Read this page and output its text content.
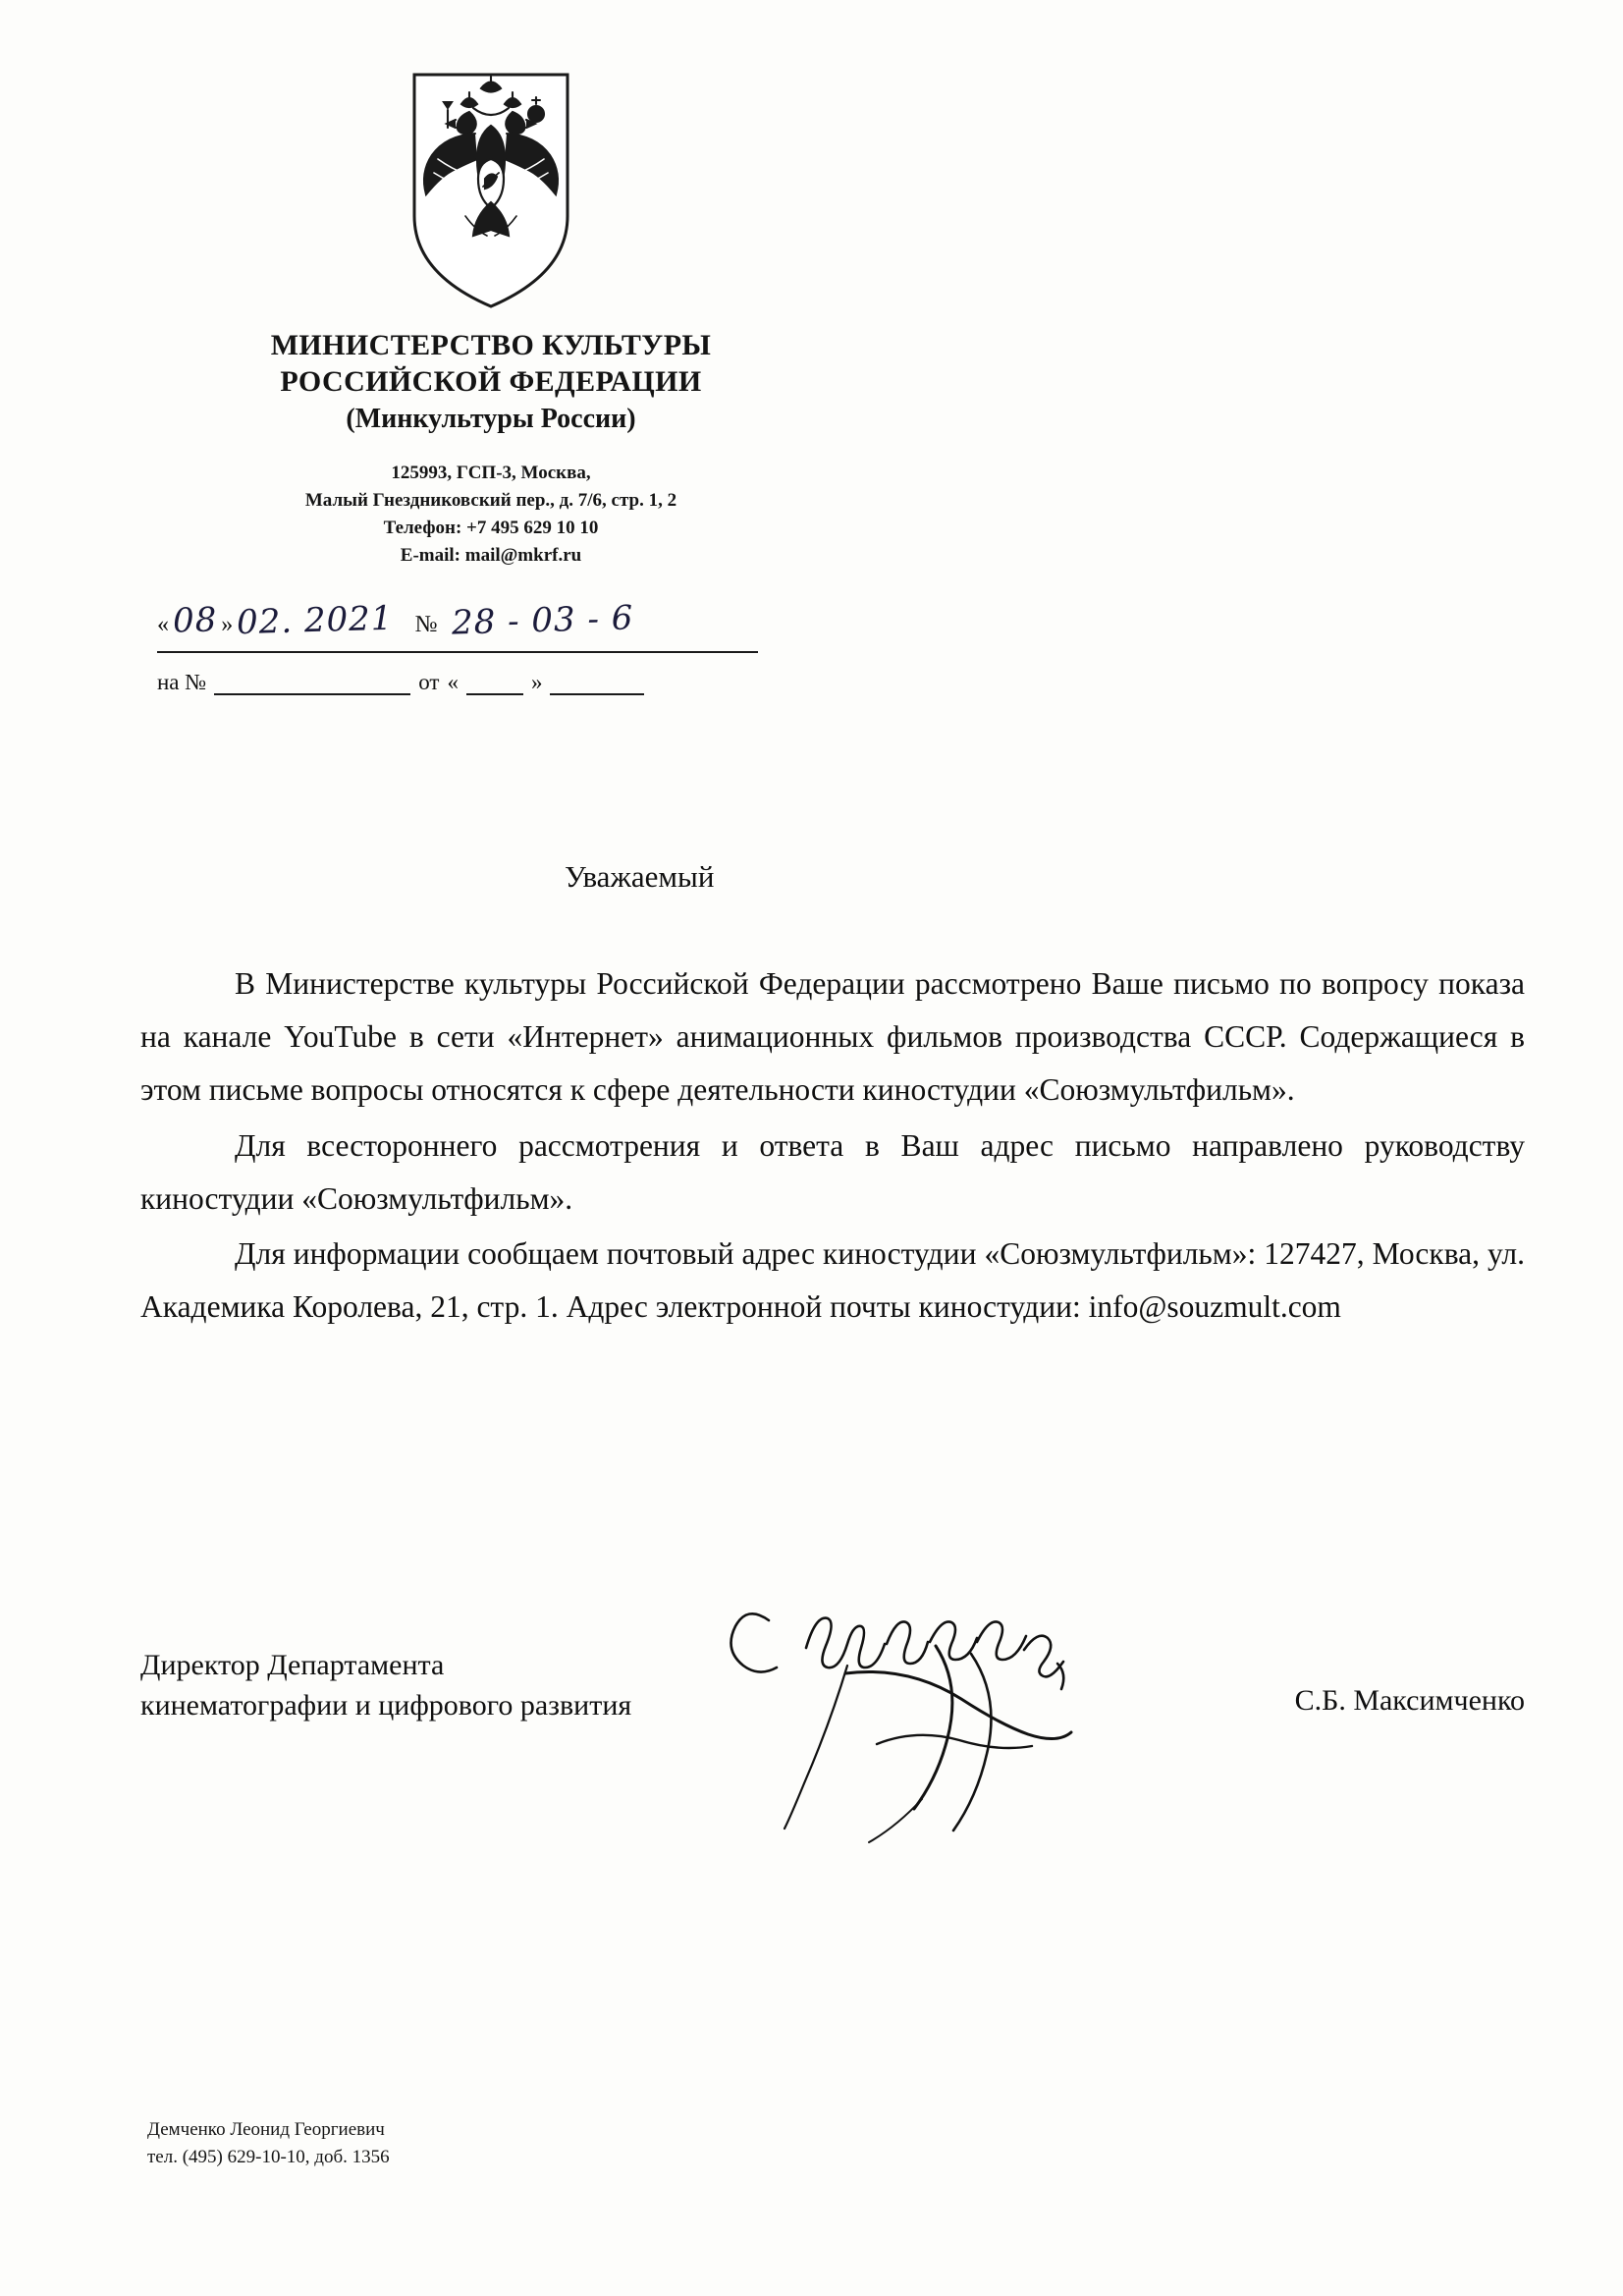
МИНИСТЕРСТВО КУЛЬТУРЫ
РОССИЙСКОЙ ФЕДЕРАЦИИ
(Минкультуры России)
125993, ГСП-3, Москва,
Малый Гнездниковский пер., д. 7/6, стр. 1, 2
Телефон: +7 495 629 10 10
E-mail: mail@mkrf.ru
« 08 » 02. 2021 № 28 - 03 - 6
на №	от «	»
Уважаемый

В Министерстве культуры Российской Федерации рассмотрено Ваше письмо по вопросу показа на канале YouTube в сети «Интернет» анимационных фильмов производства СССР. Содержащиеся в этом письме вопросы относятся к сфере деятельности киностудии «Союзмультфильм».

Для всестороннего рассмотрения и ответа в Ваш адрес письмо направлено руководству киностудии «Союзмультфильм».

Для информации сообщаем почтовый адрес киностудии «Союзмультфильм»: 127427, Москва, ул. Академика Королева, 21, стр. 1. Адрес электронной почты киностудии: info@souzmult.com

Директор Департамента
кинематографии и цифрового развития	С.Б. Максимченко
Демченко Леонид Георгиевич
тел. (495) 629-10-10, доб. 1356
